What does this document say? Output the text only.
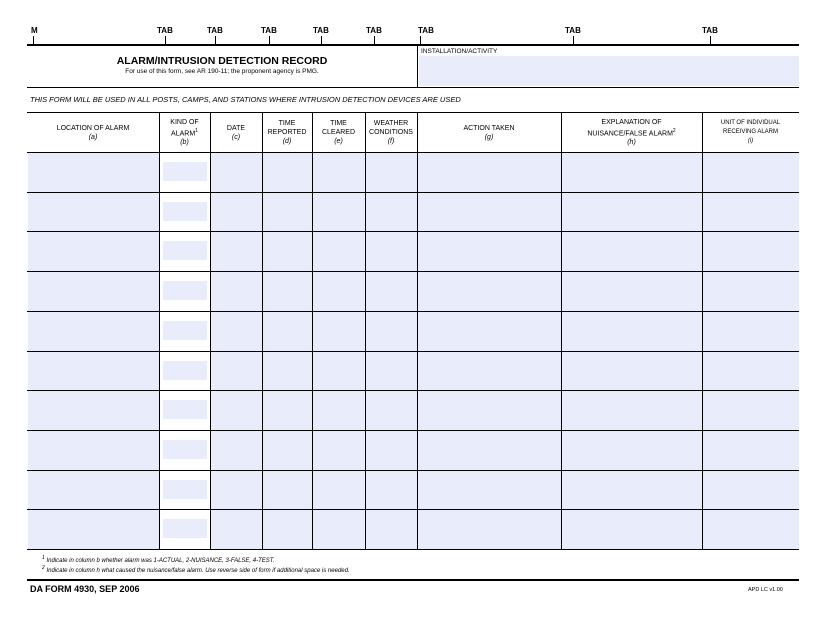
M	TAB	TAB	TAB	TAB	TAB	TAB	TAB	TAB
ALARM/INTRUSION DETECTION RECORD
For use of this form, see AR 190-11; the proponent agency is PMG.
INSTALLATION/ACTIVITY
THIS FORM WILL BE USED IN ALL POSTS, CAMPS, AND STATIONS WHERE INTRUSION DETECTION DEVICES ARE USED
LOCATION OF ALARM
(a)
KIND OF
ALARM$^1$
(b)
DATE
(c)
TIME
REPORTED
(d)
TIME
CLEARED
(e)
WEATHER
CONDITIONS
(f)
ACTION TAKEN
(g)
EXPLANATION OF
NUISANCE/FALSE ALARM$^2$
(h)
UNIT OF INDIVIDUAL
RECEIVING ALARM
(i)
$^1$ Indicate in column b whether alarm was 1-ACTUAL, 2-NUISANCE, 3-FALSE, 4-TEST.
$^2$ Indicate in column h what caused the nuisance/false alarm. Use reverse side of form if additional space is needed.
DA FORM 4930, SEP 2006	APD LC v1.00
